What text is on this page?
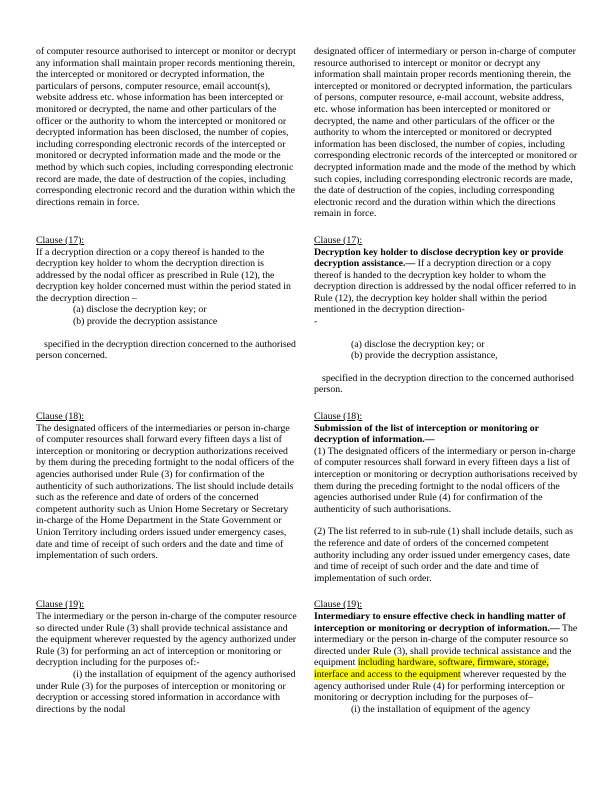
of computer resource authorised to intercept or monitor or decrypt any information shall maintain proper records mentioning therein, the intercepted or monitored or decrypted information, the particulars of persons, computer resource, email account(s), website address etc. whose information has been intercepted or monitored or decrypted, the name and other particulars of the officer or the authority to whom the intercepted or monitored or decrypted information has been disclosed, the number of copies, including corresponding electronic records of the intercepted or monitored or decrypted information made and the mode or the method by which such copies, including corresponding electronic record are made, the date of destruction of the copies, including corresponding electronic record and the duration within which the directions remain in force.
designated officer of intermediary or person in-charge of computer resource authorised to intercept or monitor or decrypt any information shall maintain proper records mentioning therein, the intercepted or monitored or decrypted information, the particulars of persons, computer resource, e-mail account, website address, etc. whose information has been intercepted or monitored or decrypted, the name and other particulars of the officer or the authority to whom the intercepted or monitored or decrypted information has been disclosed, the number of copies, including corresponding electronic records of the intercepted or monitored or decrypted information made and the mode of the method by which such copies, including corresponding electronic records are made, the date of destruction of the copies, including corresponding electronic record and the duration within which the directions remain in force.
Clause (17):
If a decryption direction or a copy thereof is handed to the decryption key holder to whom the decryption direction is addressed by the nodal officer as prescribed in Rule (12), the decryption key holder concerned must within the period stated in the decryption direction –
(a) disclose the decryption key; or
(b) provide the decryption assistance
specified in the decryption direction concerned to the authorised person concerned.
Clause (17):
Decryption key holder to disclose decryption key or provide decryption assistance.— If a decryption direction or a copy thereof is handed to the decryption key holder to whom the decryption direction is addressed by the nodal officer referred to in Rule (12), the decryption key holder shall within the period mentioned in the decryption direction-
-
(a) disclose the decryption key; or
(b) provide the decryption assistance,
specified in the decryption direction to the concerned authorised person.
Clause (18):
The designated officers of the intermediaries or person in-charge of computer resources shall forward every fifteen days a list of interception or monitoring or decryption authorizations received by them during the preceding fortnight to the nodal officers of the agencies authorised under Rule (3) for confirmation of the authenticity of such authorizations. The list should include details such as the reference and date of orders of the concerned competent authority such as Union Home Secretary or Secretary in-charge of the Home Department in the State Government or Union Territory including orders issued under emergency cases, date and time of receipt of such orders and the date and time of implementation of such orders.
Clause (18):
Submission of the list of interception or monitoring or decryption of information.—
(1) The designated officers of the intermediary or person in-charge of computer resources shall forward in every fifteen days a list of interception or monitoring or decryption authorisations received by them during the preceding fortnight to the nodal officers of the agencies authorised under Rule (4) for confirmation of the authenticity of such authorisations.
(2) The list referred to in sub-rule (1) shall include details, such as the reference and date of orders of the concerned competent authority including any order issued under emergency cases, date and time of receipt of such order and the date and time of implementation of such order.
Clause (19):
The intermediary or the person in-charge of the computer resource so directed under Rule (3) shall provide technical assistance and the equipment wherever requested by the agency authorized under Rule (3) for performing an act of interception or monitoring or decryption including for the purposes of:-
(i) the installation of equipment of the agency authorised under Rule (3) for the purposes of interception or monitoring or decryption or accessing stored information in accordance with directions by the nodal
Clause (19):
Intermediary to ensure effective check in handling matter of interception or monitoring or decryption of information.— The intermediary or the person in-charge of the computer resource so directed under Rule (3), shall provide technical assistance and the equipment including hardware, software, firmware, storage, interface and access to the equipment wherever requested by the agency authorised under Rule (4) for performing interception or monitoring or decryption including for the purposes of–
(i) the installation of equipment of the agency
